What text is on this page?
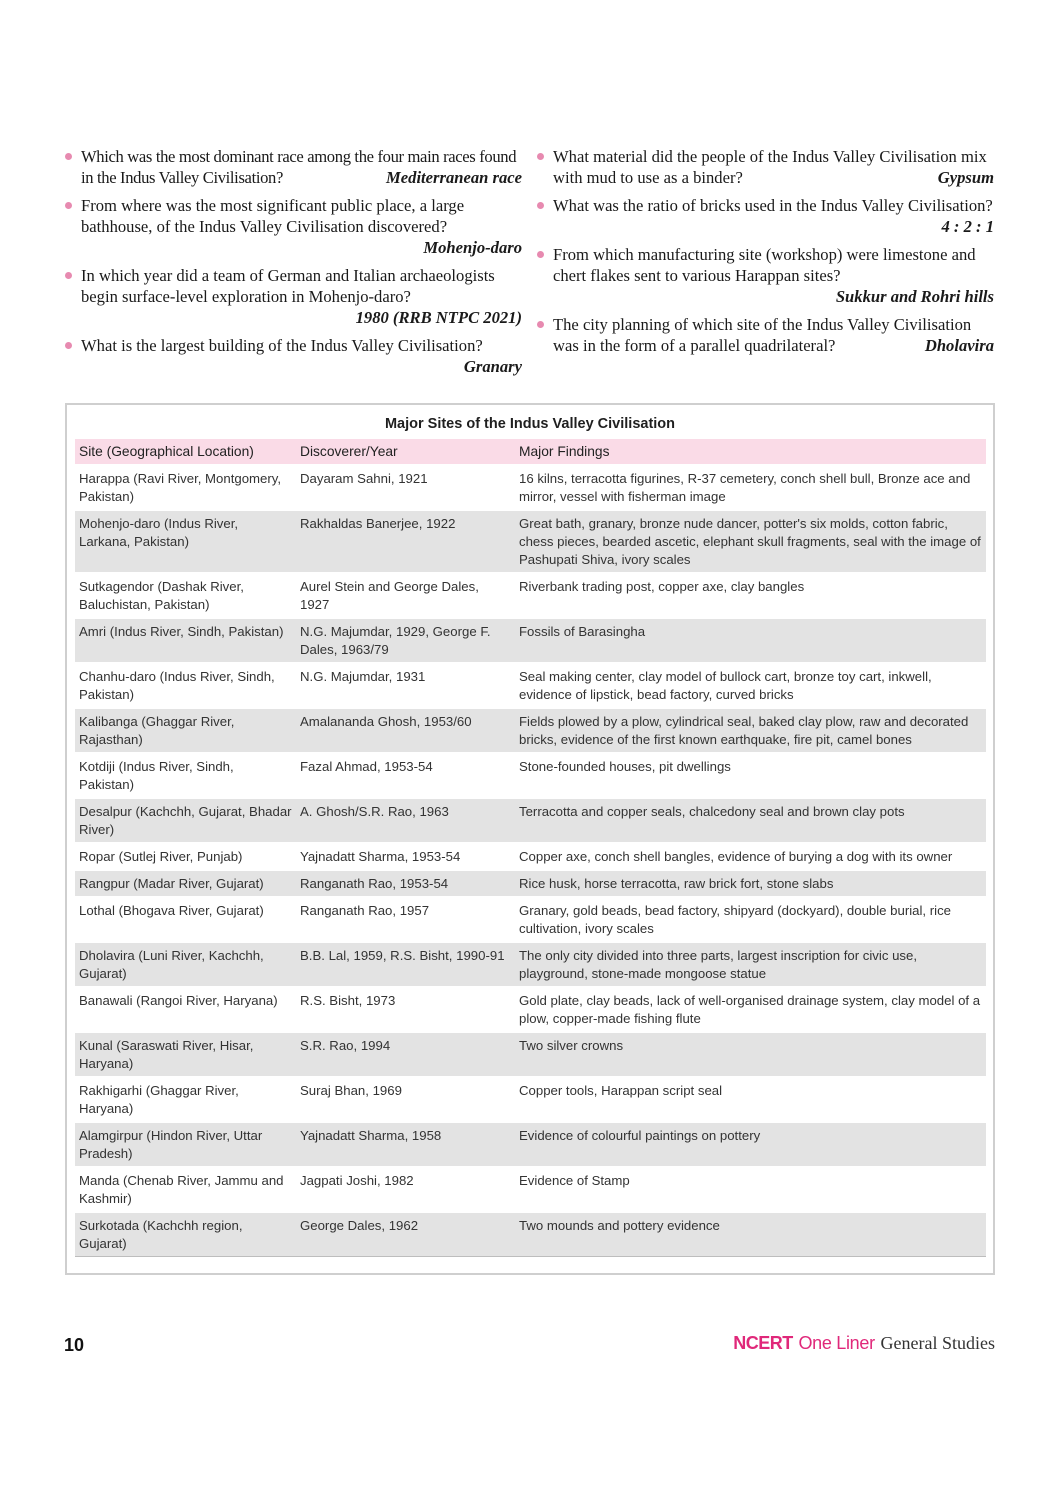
Which was the most dominant race among the four main races found in the Indus Valley Civilisation?	Mediterranean race
From where was the most significant public place, a large bathhouse, of the Indus Valley Civilisation discovered?
Mohenjo-daro
In which year did a team of German and Italian archaeologists begin surface-level exploration in Mohenjo-daro?
1980 (RRB NTPC 2021)
What is the largest building of the Indus Valley Civilisation?
Granary
What material did the people of the Indus Valley Civilisation mix with mud to use as a binder?	Gypsum
What was the ratio of bricks used in the Indus Valley Civilisation?
4 : 2 : 1
From which manufacturing site (workshop) were limestone and chert flakes sent to various Harappan sites?
Sukkur and Rohri hills
The city planning of which site of the Indus Valley Civilisation was in the form of a parallel quadrilateral?	Dholavira
Major Sites of the Indus Valley Civilisation
Site (Geographical Location)	Discoverer/Year	Major Findings
Harappa (Ravi River, Montgomery, Pakistan)	Dayaram Sahni, 1921	16 kilns, terracotta figurines, R-37 cemetery, conch shell bull, Bronze ace and mirror, vessel with fisherman image
Mohenjo-daro (Indus River, Larkana, Pakistan)	Rakhaldas Banerjee, 1922	Great bath, granary, bronze nude dancer, potter's six molds, cotton fabric, chess pieces, bearded ascetic, elephant skull fragments, seal with the image of Pashupati Shiva, ivory scales
Sutkagendor (Dashak River, Baluchistan, Pakistan)	Aurel Stein and George Dales, 1927	Riverbank trading post, copper axe, clay bangles
Amri (Indus River, Sindh, Pakistan)	N.G. Majumdar, 1929, George F. Dales, 1963/79	Fossils of Barasingha
Chanhu-daro (Indus River, Sindh, Pakistan)	N.G. Majumdar, 1931	Seal making center, clay model of bullock cart, bronze toy cart, inkwell, evidence of lipstick, bead factory, curved bricks
Kalibanga (Ghaggar River, Rajasthan)	Amalananda Ghosh, 1953/60	Fields plowed by a plow, cylindrical seal, baked clay plow, raw and decorated bricks, evidence of the first known earthquake, fire pit, camel bones
Kotdiji (Indus River, Sindh, Pakistan)	Fazal Ahmad, 1953-54	Stone-founded houses, pit dwellings
Desalpur (Kachchh, Gujarat, Bhadar River)	A. Ghosh/S.R. Rao, 1963	Terracotta and copper seals, chalcedony seal and brown clay pots
Ropar (Sutlej River, Punjab)	Yajnadatt Sharma, 1953-54	Copper axe, conch shell bangles, evidence of burying a dog with its owner
Rangpur (Madar River, Gujarat)	Ranganath Rao, 1953-54	Rice husk, horse terracotta, raw brick fort, stone slabs
Lothal (Bhogava River, Gujarat)	Ranganath Rao, 1957	Granary, gold beads, bead factory, shipyard (dockyard), double burial, rice cultivation, ivory scales
Dholavira (Luni River, Kachchh, Gujarat)	B.B. Lal, 1959, R.S. Bisht, 1990-91	The only city divided into three parts, largest inscription for civic use, playground, stone-made mongoose statue
Banawali (Rangoi River, Haryana)	R.S. Bisht, 1973	Gold plate, clay beads, lack of well-organised drainage system, clay model of a plow, copper-made fishing flute
Kunal (Saraswati River, Hisar, Haryana)	S.R. Rao, 1994	Two silver crowns
Rakhigarhi (Ghaggar River, Haryana)	Suraj Bhan, 1969	Copper tools, Harappan script seal
Alamgirpur (Hindon River, Uttar Pradesh)	Yajnadatt Sharma, 1958	Evidence of colourful paintings on pottery
Manda (Chenab River, Jammu and Kashmir)	Jagpati Joshi, 1982	Evidence of Stamp
Surkotada (Kachchh region, Gujarat)	George Dales, 1962	Two mounds and pottery evidence
10	NCERT One Liner General Studies
